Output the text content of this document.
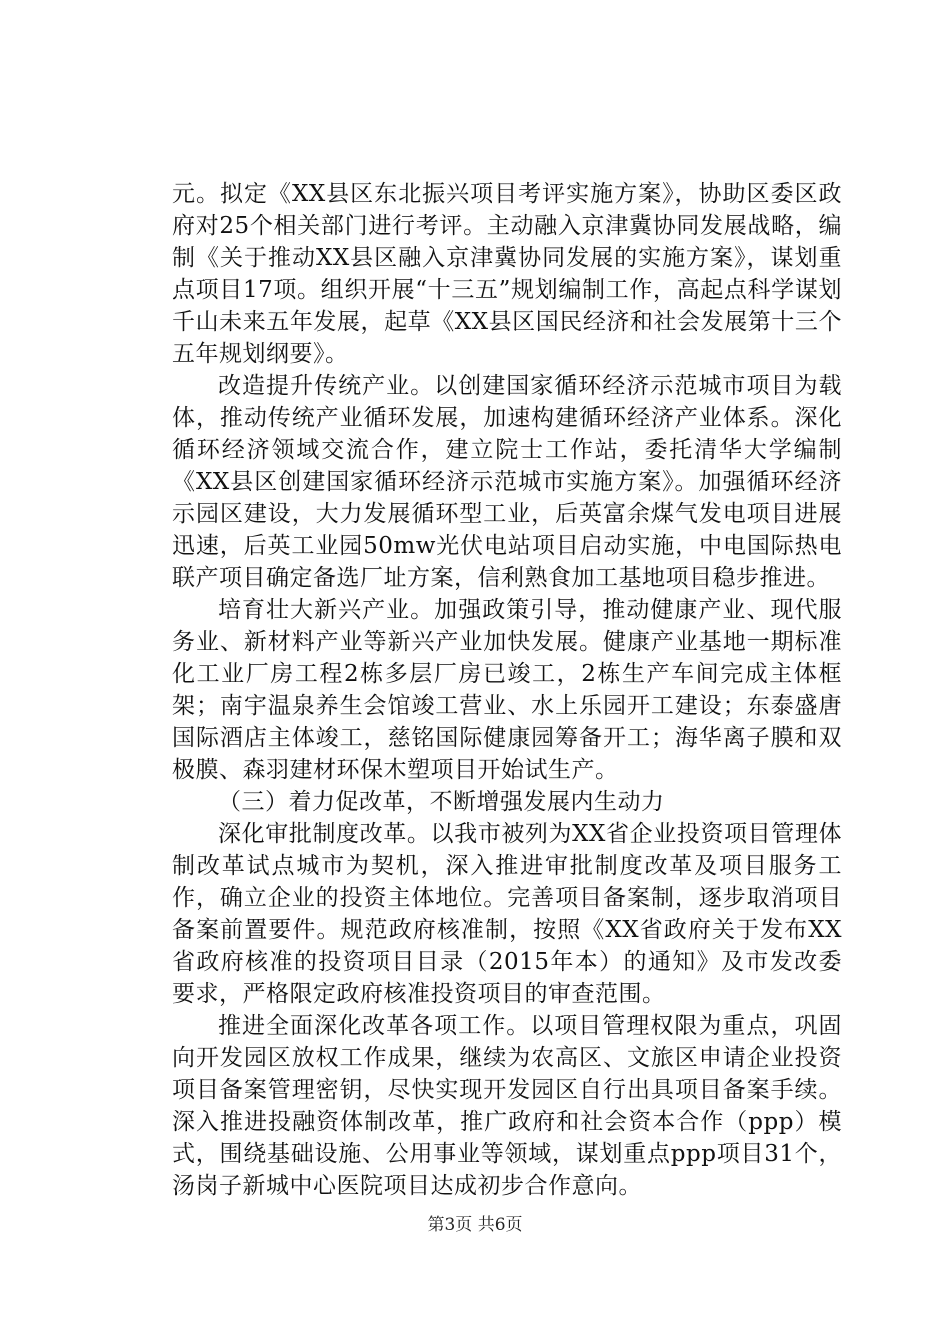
元。拟定《XX县区东北振兴项目考评实施方案》，协助区委区政府对25个相关部门进行考评。主动融入京津冀协同发展战略，编制《关于推动XX县区融入京津冀协同发展的实施方案》，谋划重点项目17项。组织开展“十三五”规划编制工作，高起点科学谋划千山未来五年发展，起草《XX县区国民经济和社会发展第十三个五年规划纲要》。

改造提升传统产业。以创建国家循环经济示范城市项目为载体，推动传统产业循环发展，加速构建循环经济产业体系。深化循环经济领域交流合作，建立院士工作站，委托清华大学编制《XX县区创建国家循环经济示范城市实施方案》。加强循环经济示园区建设，大力发展循环型工业，后英富余煤气发电项目进展迅速，后英工业园50mw光伏电站项目启动实施，中电国际热电联产项目确定备选厂址方案，信利熟食加工基地项目稳步推进。

培育壮大新兴产业。加强政策引导，推动健康产业、现代服务业、新材料产业等新兴产业加快发展。健康产业基地一期标准化工业厂房工程2栋多层厂房已竣工，2栋生产车间完成主体框架；南宇温泉养生会馆竣工营业、水上乐园开工建设；东泰盛唐国际酒店主体竣工，慈铭国际健康园筹备开工；海华离子膜和双极膜、森羽建材环保木塑项目开始试生产。

（三）着力促改革，不断增强发展内生动力

深化审批制度改革。以我市被列为XX省企业投资项目管理体制改革试点城市为契机，深入推进审批制度改革及项目服务工作，确立企业的投资主体地位。完善项目备案制，逐步取消项目备案前置要件。规范政府核准制，按照《XX省政府关于发布XX省政府核准的投资项目目录（2015年本）的通知》及市发改委要求，严格限定政府核准投资项目的审查范围。

推进全面深化改革各项工作。以项目管理权限为重点，巩固向开发园区放权工作成果，继续为农高区、文旅区申请企业投资项目备案管理密钥，尽快实现开发园区自行出具项目备案手续。深入推进投融资体制改革，推广政府和社会资本合作（ppp）模式，围绕基础设施、公用事业等领域，谋划重点ppp项目31个，汤岗子新城中心医院项目达成初步合作意向。

第3页 共6页
